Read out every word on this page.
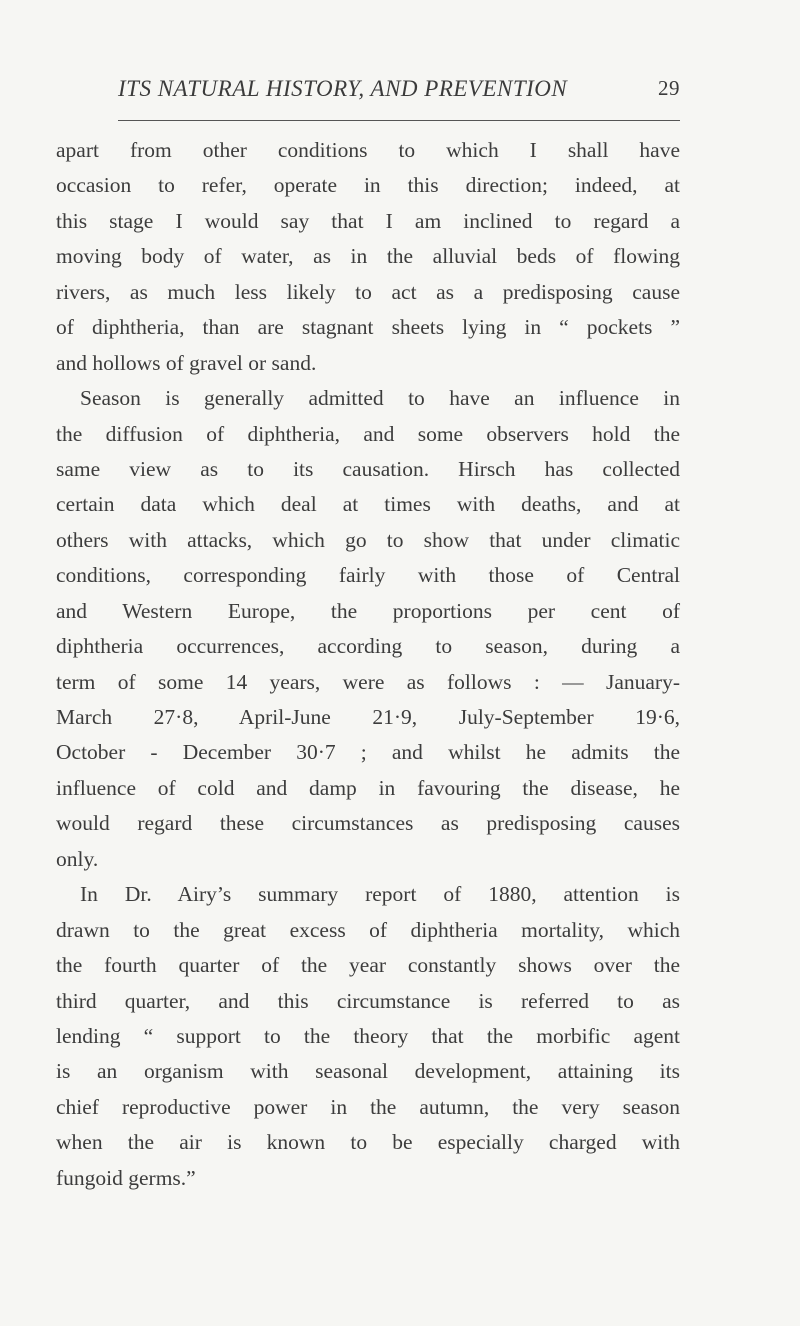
ITS NATURAL HISTORY, AND PREVENTION	29
apart from other conditions to which I shall have
occasion to refer, operate in this direction; indeed, at
this stage I would say that I am inclined to regard a
moving body of water, as in the alluvial beds of flowing
rivers, as much less likely to act as a predisposing cause
of diphtheria, than are stagnant sheets lying in “ pockets ”
and hollows of gravel or sand.
Season is generally admitted to have an influence in
the diffusion of diphtheria, and some observers hold the
same view as to its causation. Hirsch has collected
certain data which deal at times with deaths, and at
others with attacks, which go to show that under climatic
conditions, corresponding fairly with those of Central
and Western Europe, the proportions per cent of
diphtheria occurrences, according to season, during a
term of some 14 years, were as follows : — January-
March 27·8, April-June 21·9, July-September 19·6,
October - December 30·7 ; and whilst he admits the
influence of cold and damp in favouring the disease, he
would regard these circumstances as predisposing causes
only.
In Dr. Airy’s summary report of 1880, attention is
drawn to the great excess of diphtheria mortality, which
the fourth quarter of the year constantly shows over the
third quarter, and this circumstance is referred to as
lending “ support to the theory that the morbific agent
is an organism with seasonal development, attaining its
chief reproductive power in the autumn, the very season
when the air is known to be especially charged with
fungoid germs.”
